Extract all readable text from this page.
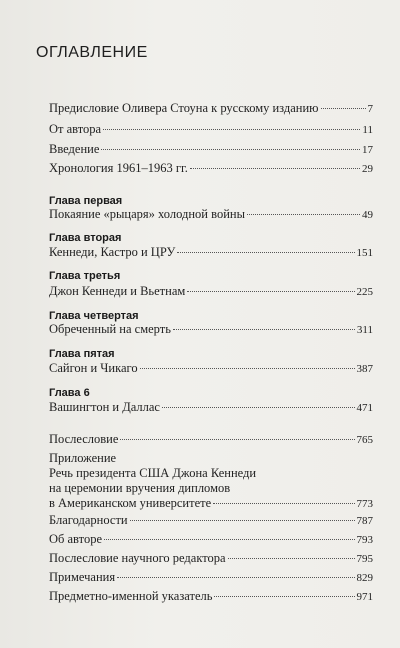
ОГЛАВЛЕНИЕ
Предисловие Оливера Стоуна к русскому изданию	7
От автора	11
Введение	17
Хронология 1961–1963 гг.	29
Глава первая
Покаяние «рыцаря» холодной войны	49
Глава вторая
Кеннеди, Кастро и ЦРУ	151
Глава третья
Джон Кеннеди и Вьетнам	225
Глава четвертая
Обреченный на смерть	311
Глава пятая
Сайгон и Чикаго	387
Глава 6
Вашингтон и Даллас	471
Послесловие	765
Приложение
Речь президента США Джона Кеннеди
на церемонии вручения дипломов
в Американском университете	773
Благодарности	787
Об авторе	793
Послесловие научного редактора	795
Примечания	829
Предметно-именной указатель	971
